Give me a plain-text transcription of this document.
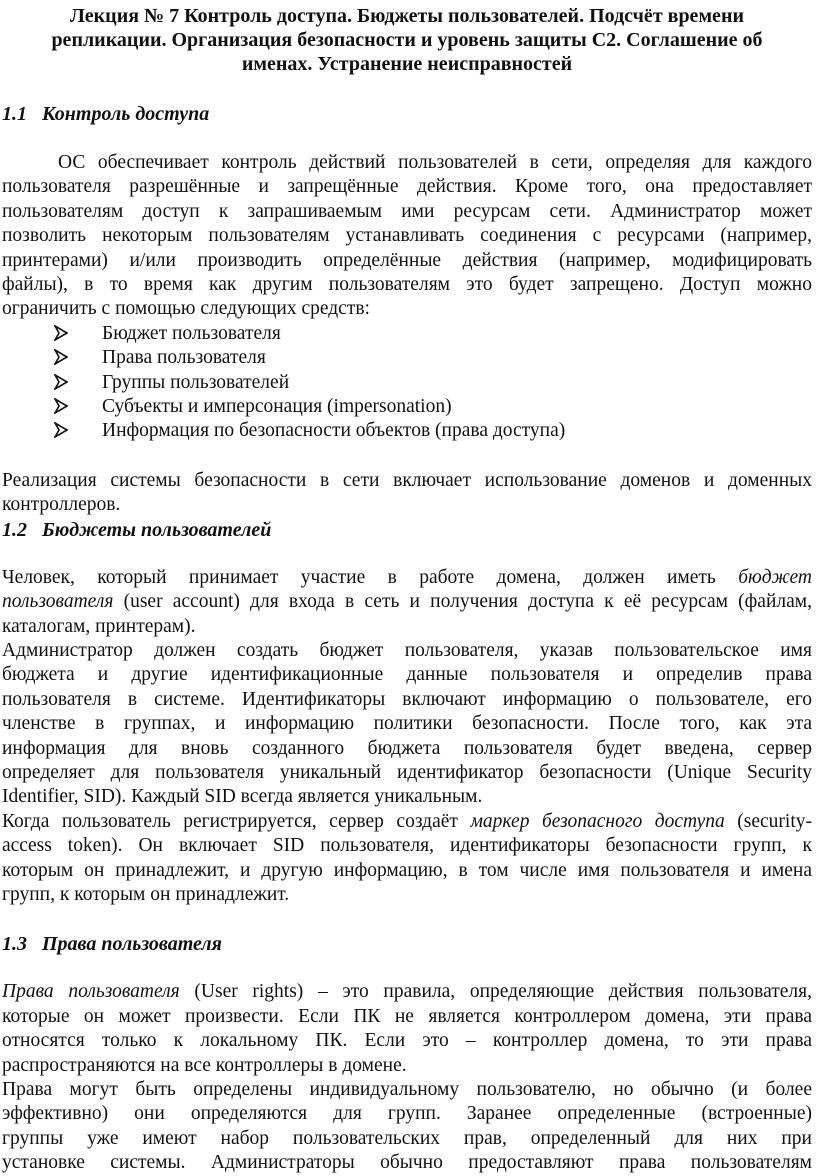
Лекция № 7 Контроль доступа. Бюджеты пользователей. Подсчёт времени
репликации. Организация безопасности и уровень защиты С2. Соглашение об
именах. Устранение неисправностей
1.1 Контроль доступа

ОС обеспечивает контроль действий пользователей в сети, определяя для каждого
пользователя разрешённые и запрещённые действия. Кроме того, она предоставляет
пользователям доступ к запрашиваемым ими ресурсам сети. Администратор может
позволить некоторым пользователям устанавливать соединения с ресурсами (например,
принтерами) и/или производить определённые действия (например, модифицировать
файлы), в то время как другим пользователям это будет запрещено. Доступ можно
ограничить с помощью следующих средств:

Бюджет пользователя
Права пользователя
Группы пользователей
Субъекты и имперсонация (impersonation)
Информация по безопасности объектов (права доступа)

Реализация системы безопасности в сети включает использование доменов и доменных
контроллеров.

1.2 Бюджеты пользователей

Человек, который принимает участие в работе домена, должен иметь бюджет
пользователя (user account) для входа в сеть и получения доступа к её ресурсам (файлам,
каталогам, принтерам).

Администратор должен создать бюджет пользователя, указав пользовательское имя
бюджета и другие идентификационные данные пользователя и определив права
пользователя в системе. Идентификаторы включают информацию о пользователе, его
членстве в группах, и информацию политики безопасности. После того, как эта
информация для вновь созданного бюджета пользователя будет введена, сервер
определяет для пользователя уникальный идентификатор безопасности (Unique Security
Identifier, SID). Каждый SID всегда является уникальным.

Когда пользователь регистрируется, сервер создаёт маркер безопасного доступа (security-
access token). Он включает SID пользователя, идентификаторы безопасности групп, к
которым он принадлежит, и другую информацию, в том числе имя пользователя и имена
групп, к которым он принадлежит.

1.3 Права пользователя

Права пользователя (User rights) – это правила, определяющие действия пользователя,
которые он может произвести. Если ПК не является контроллером домена, эти права
относятся только к локальному ПК. Если это – контроллер домена, то эти права
распространяются на все контроллеры в домене.

Права могут быть определены индивидуальному пользователю, но обычно (и более
эффективно) они определяются для групп. Заранее определенные (встроенные)
группы уже имеют набор пользовательских прав, определенный для них при
установке системы. Администраторы обычно предоставляют права пользователям
